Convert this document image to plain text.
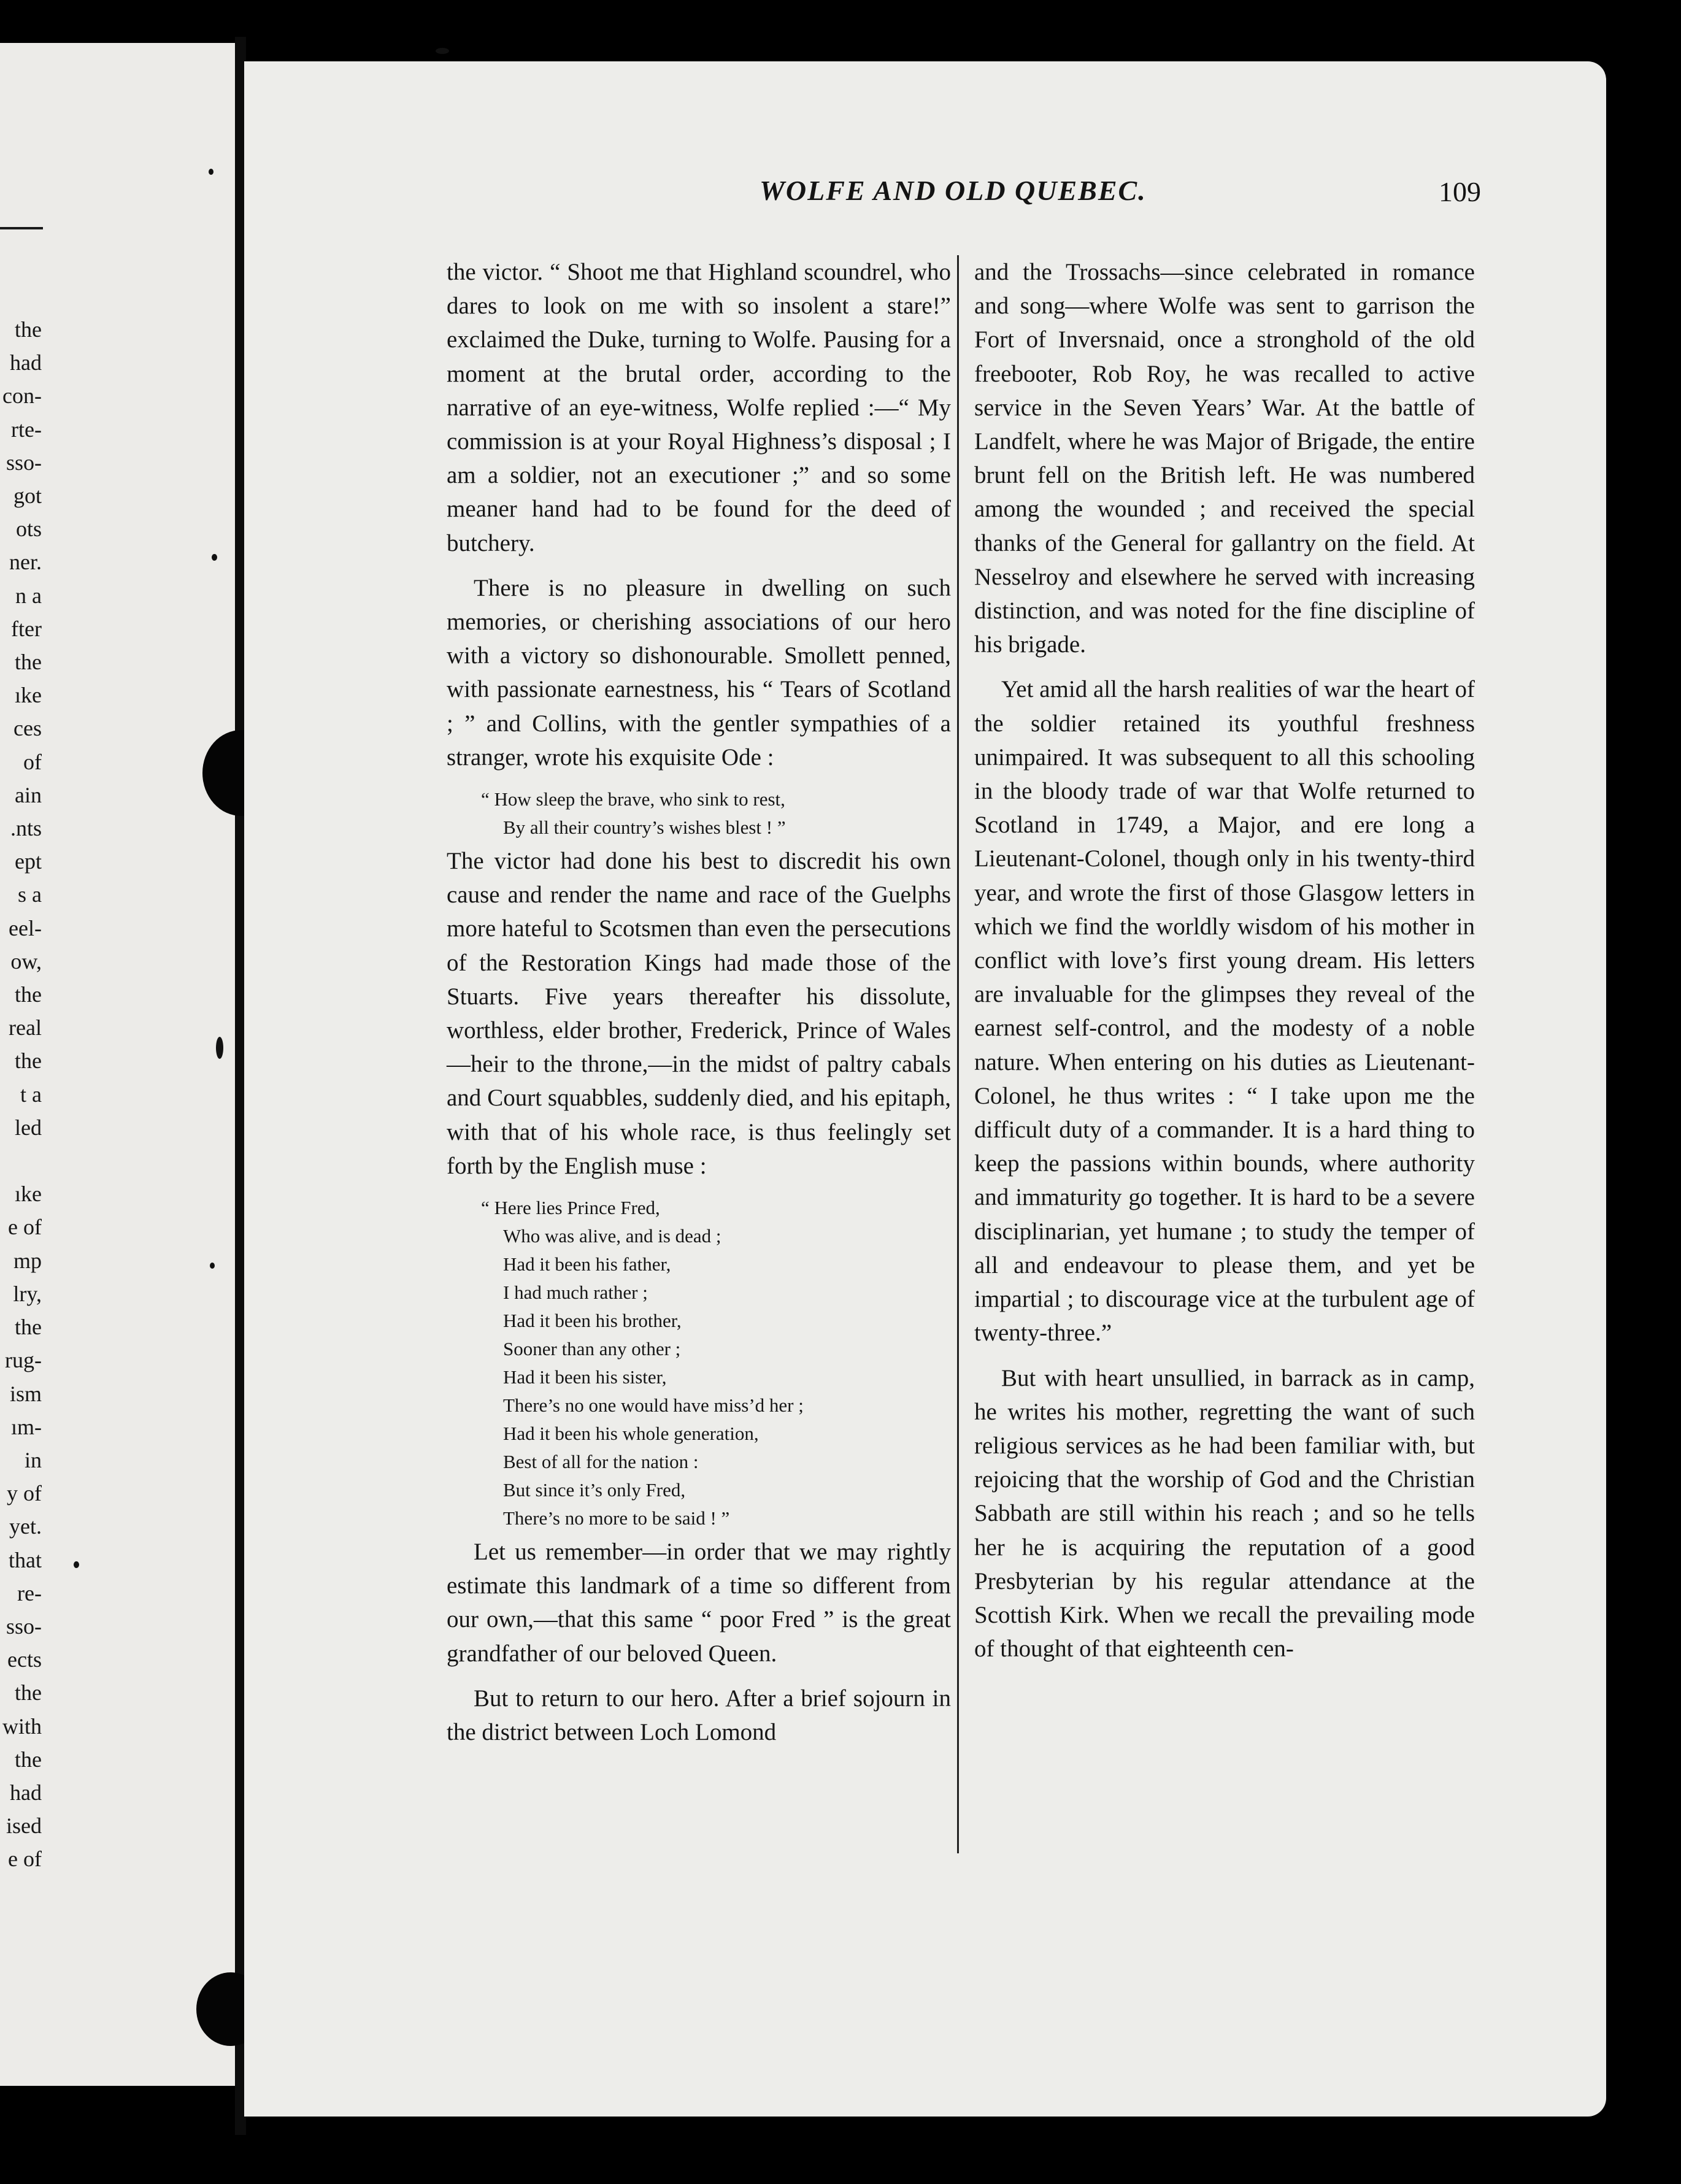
the
had
con-
rte-
sso-
got
ots
ner.
n a
fter
the
ıke
ces
of
ain
.nts
ept
s a
eel-
ow,
the
real
the
t a
led

ıke
e of
mp
lry,
the
rug-
ism
ım-
in
y of
yet.
that
re-
sso-
ects
the
with
the
had
ised
e of
WOLFE AND OLD QUEBEC.	109

the victor. “ Shoot me that Highland scoundrel, who dares to look on me with so insolent a stare!” exclaimed the Duke, turning to Wolfe. Pausing for a moment at the brutal order, according to the narrative of an eye-witness, Wolfe replied :—“ My commission is at your Royal Highness’s disposal ; I am a soldier, not an executioner ;” and so some meaner hand had to be found for the deed of butchery.

There is no pleasure in dwelling on such memories, or cherishing associations of our hero with a victory so dishonourable. Smollett penned, with passionate earnestness, his “ Tears of Scotland ; ” and Collins, with the gentler sympathies of a stranger, wrote his exquisite Ode :

“ How sleep the brave, who sink to rest,
By all their country’s wishes blest ! ”

The victor had done his best to discredit his own cause and render the name and race of the Guelphs more hateful to Scotsmen than even the persecutions of the Restoration Kings had made those of the Stuarts. Five years thereafter his dissolute, worthless, elder brother, Frederick, Prince of Wales—heir to the throne,—in the midst of paltry cabals and Court squabbles, suddenly died, and his epitaph, with that of his whole race, is thus feelingly set forth by the English muse :

“ Here lies Prince Fred,
Who was alive, and is dead ;
Had it been his father,
I had much rather ;
Had it been his brother,
Sooner than any other ;
Had it been his sister,
There’s no one would have miss’d her ;
Had it been his whole generation,
Best of all for the nation :
But since it’s only Fred,
There’s no more to be said ! ”

Let us remember—in order that we may rightly estimate this landmark of a time so different from our own,—that this same “ poor Fred ” is the great grandfather of our beloved Queen.

But to return to our hero. After a brief sojourn in the district between Loch Lomond

and the Trossachs—since celebrated in romance and song—where Wolfe was sent to garrison the Fort of Inversnaid, once a stronghold of the old freebooter, Rob Roy, he was recalled to active service in the Seven Years’ War. At the battle of Landfelt, where he was Major of Brigade, the entire brunt fell on the British left. He was numbered among the wounded ; and received the special thanks of the General for gallantry on the field. At Nesselroy and elsewhere he served with increasing distinction, and was noted for the fine discipline of his brigade.

Yet amid all the harsh realities of war the heart of the soldier retained its youthful freshness unimpaired. It was subsequent to all this schooling in the bloody trade of war that Wolfe returned to Scotland in 1749, a Major, and ere long a Lieutenant-Colonel, though only in his twenty-third year, and wrote the first of those Glasgow letters in which we find the worldly wisdom of his mother in conflict with love’s first young dream. His letters are invaluable for the glimpses they reveal of the earnest self-control, and the modesty of a noble nature. When entering on his duties as Lieutenant-Colonel, he thus writes : “ I take upon me the difficult duty of a commander. It is a hard thing to keep the passions within bounds, where authority and immaturity go together. It is hard to be a severe disciplinarian, yet humane ; to study the temper of all and endeavour to please them, and yet be impartial ; to discourage vice at the turbulent age of twenty-three.”

But with heart unsullied, in barrack as in camp, he writes his mother, regretting the want of such religious services as he had been familiar with, but rejoicing that the worship of God and the Christian Sabbath are still within his reach ; and so he tells her he is acquiring the reputation of a good Presbyterian by his regular attendance at the Scottish Kirk. When we recall the prevailing mode of thought of that eighteenth cen-
